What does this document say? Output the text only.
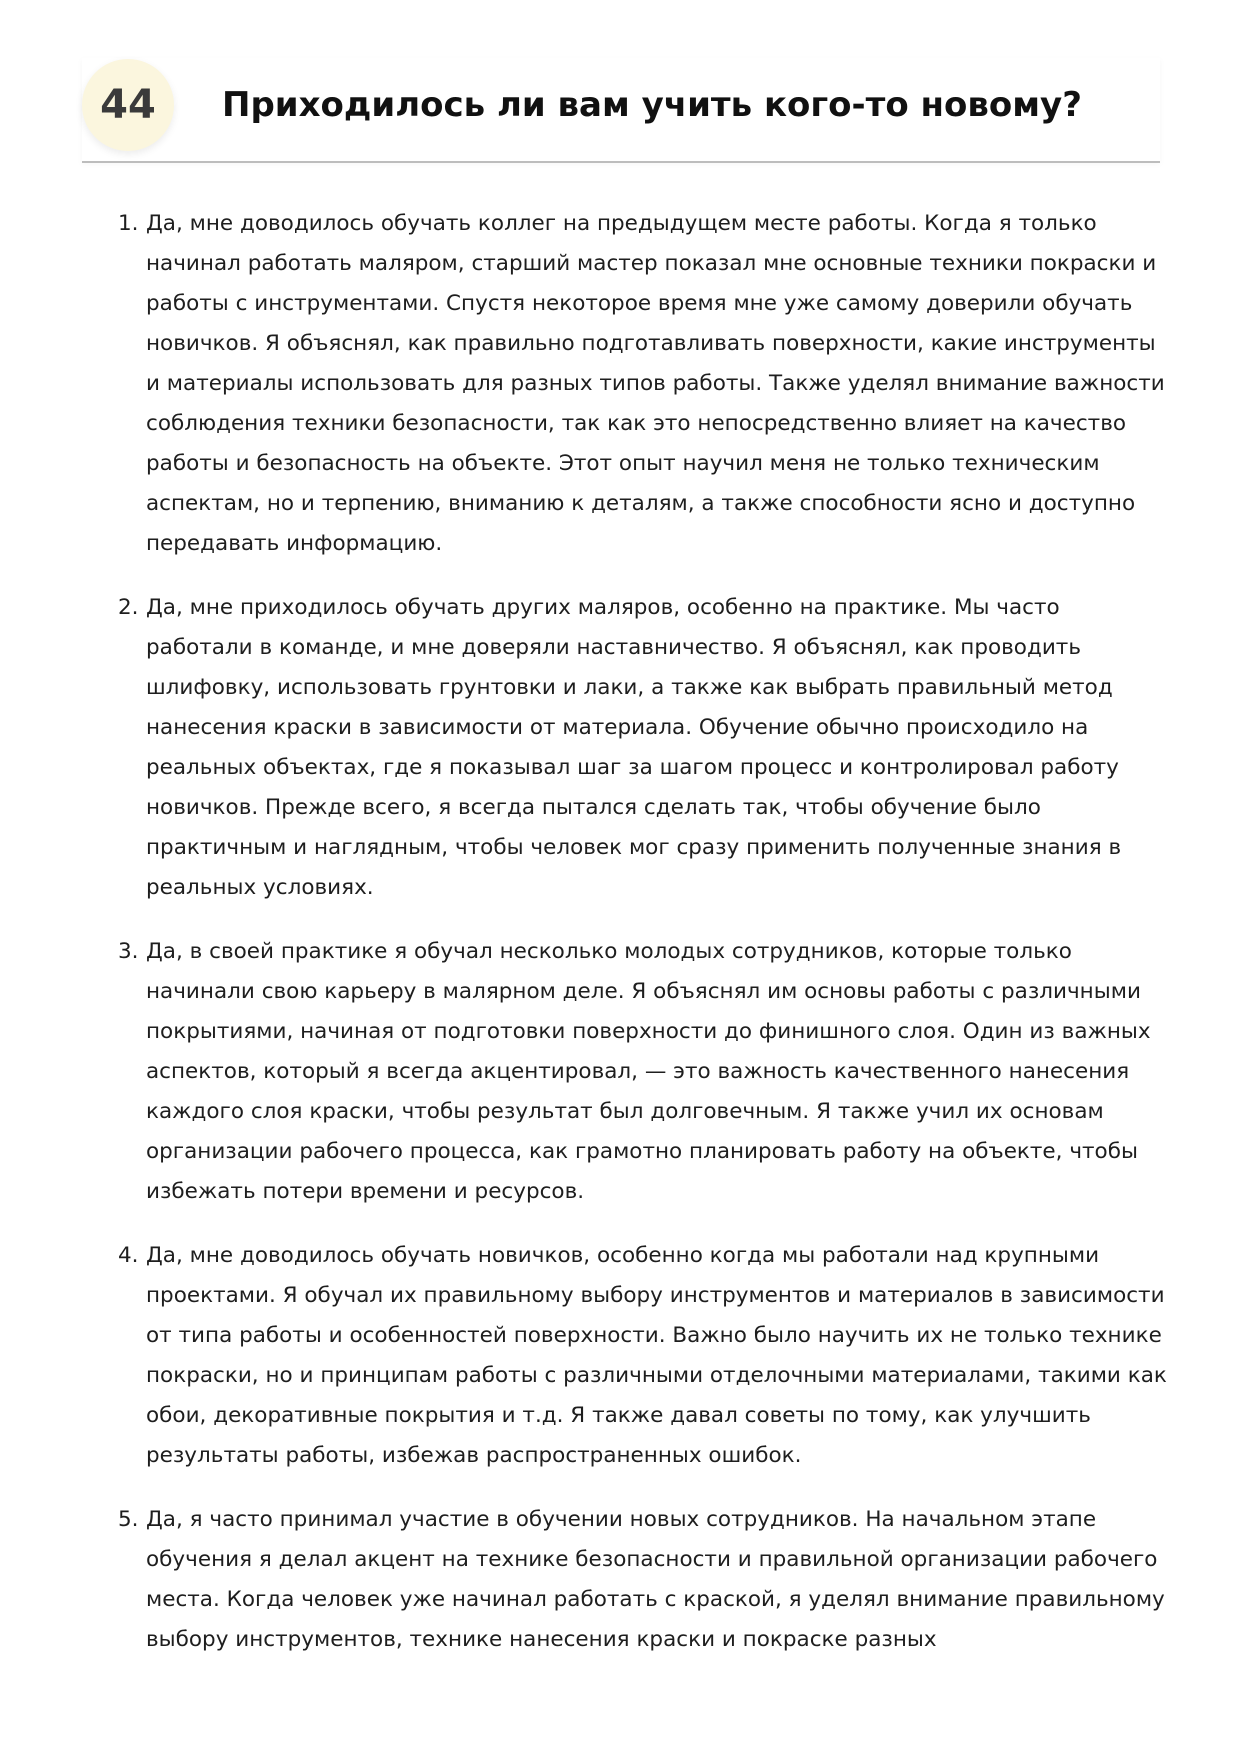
44	Приходилось ли вам учить кого-то новому?
1. Да, мне доводилось обучать коллег на предыдущем месте работы. Когда я только начинал работать маляром, старший мастер показал мне основные техники покраски и работы с инструментами. Спустя некоторое время мне уже самому доверили обучать новичков. Я объяснял, как правильно подготавливать поверхности, какие инструменты и материалы использовать для разных типов работы. Также уделял внимание важности соблюдения техники безопасности, так как это непосредственно влияет на качество работы и безопасность на объекте. Этот опыт научил меня не только техническим аспектам, но и терпению, вниманию к деталям, а также способности ясно и доступно передавать информацию.
2. Да, мне приходилось обучать других маляров, особенно на практике. Мы часто работали в команде, и мне доверяли наставничество. Я объяснял, как проводить шлифовку, использовать грунтовки и лаки, а также как выбрать правильный метод нанесения краски в зависимости от материала. Обучение обычно происходило на реальных объектах, где я показывал шаг за шагом процесс и контролировал работу новичков. Прежде всего, я всегда пытался сделать так, чтобы обучение было практичным и наглядным, чтобы человек мог сразу применить полученные знания в реальных условиях.
3. Да, в своей практике я обучал несколько молодых сотрудников, которые только начинали свою карьеру в малярном деле. Я объяснял им основы работы с различными покрытиями, начиная от подготовки поверхности до финишного слоя. Один из важных аспектов, который я всегда акцентировал, — это важность качественного нанесения каждого слоя краски, чтобы результат был долговечным. Я также учил их основам организации рабочего процесса, как грамотно планировать работу на объекте, чтобы избежать потери времени и ресурсов.
4. Да, мне доводилось обучать новичков, особенно когда мы работали над крупными проектами. Я обучал их правильному выбору инструментов и материалов в зависимости от типа работы и особенностей поверхности. Важно было научить их не только технике покраски, но и принципам работы с различными отделочными материалами, такими как обои, декоративные покрытия и т.д. Я также давал советы по тому, как улучшить результаты работы, избежав распространенных ошибок.
5. Да, я часто принимал участие в обучении новых сотрудников. На начальном этапе обучения я делал акцент на технике безопасности и правильной организации рабочего места. Когда человек уже начинал работать с краской, я уделял внимание правильному выбору инструментов, технике нанесения краски и покраске разных
